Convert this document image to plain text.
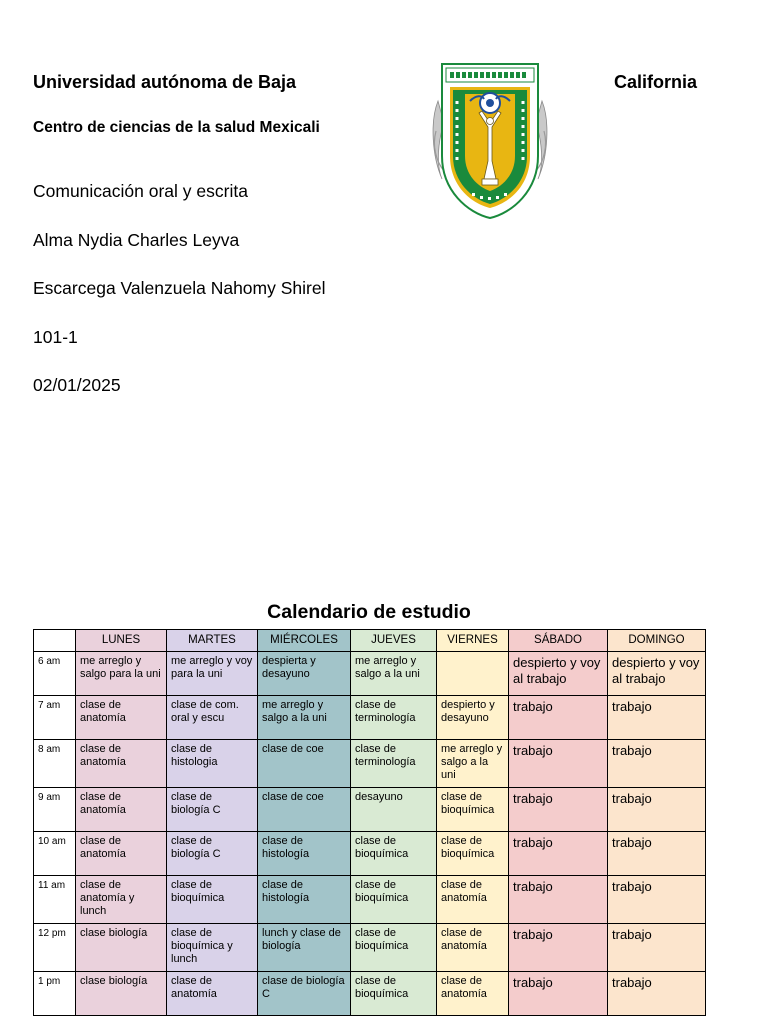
Universidad autónoma de Baja	California
Centro de ciencias de la salud Mexicali
Comunicación oral y escrita
Alma Nydia Charles Leyva
Escarcega Valenzuela Nahomy Shirel
101-1
02/01/2025
Calendario de estudio
	LUNES	MARTES	MIÉRCOLES	JUEVES	VIERNES	SÁBADO	DOMINGO
6 am	me arreglo y salgo para la uni	me arreglo y voy para la uni	despierta y desayuno	me arreglo y salgo a la uni		despierto y voy al trabajo	despierto y voy al trabajo
7 am	clase de anatomía	clase de com. oral y escu	me arreglo y salgo a la uni	clase de terminología	despierto y desayuno	trabajo	trabajo
8 am	clase de anatomía	clase de histologia	clase de coe	clase de terminología	me arreglo y salgo a la uni	trabajo	trabajo
9 am	clase de anatomía	clase de biología C	clase de coe	desayuno	clase de bioquímica	trabajo	trabajo
10 am	clase de anatomía	clase de biología C	clase de histología	clase de bioquímica	clase de bioquímica	trabajo	trabajo
11 am	clase de anatomía y lunch	clase de bioquímica	clase de histología	clase de bioquímica	clase de anatomía	trabajo	trabajo
12 pm	clase biología	clase de bioquímica y lunch	lunch y clase de biología	clase de bioquímica	clase de anatomía	trabajo	trabajo
1 pm	clase biología	clase de anatomía	clase de biología C	clase de bioquímica	clase de anatomía	trabajo	trabajo
